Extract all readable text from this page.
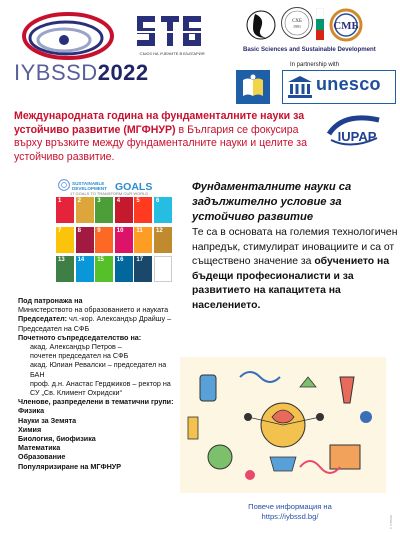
IYBSSD2022
СЪЮЗ НА УЧЕНИТЕ В БЪЛГАРИЯ
СХБ
1991	СМБ
Basic Sciences and Sustainable Development
In partnership with
unesco
IUPAP
Международната година на фундаменталните науки за устойчиво развитие (МГФНУР) в България се фокусира върху връзките между фундаменталните науки и целите за устойчиво развитие.
SUSTAINABLE DEVELOPMENT GOALS
17 GOALS TO TRANSFORM OUR WORLD
1	2	3	4	5	6
7	8	9	10	11	12
13	14	15	16	17
Фундаменталните науки са задължително условие за устойчиво развитие
Те са в основата на големия технологичен напредък, стимулират иновациите и са от съществено значение за обучението на бъдещи професионалисти и за развитието на капацитета на населението.
Под патронажа на
Министерството на образованието и науката
Председател: чл.-кор. Александър Драйшу – Председател на СФБ
Почетното съпредседателство на:
акад. Александър Петров –
почетен председател на СФБ
акад. Юлиан Ревалски – председател на БАН
проф. д.н. Анастас Герджиков – ректор на СУ „Св. Климент Охридски“
Членове, разпределени в тематични групи:
Физика
Науки за Земята
Химия
Биология, биофизика
Математика
Образование
Популяризиране на МГФНУР
Повече информация на
https://iybssd.bg/	© IYBSSD
